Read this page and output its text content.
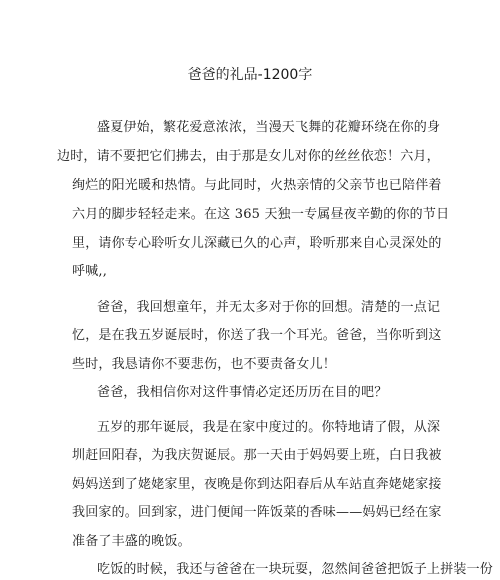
爸爸的礼品-1200字
盛夏伊始，繁花爱意浓浓，当漫天飞舞的花瓣环绕在你的身
边时，请不要把它们拂去，由于那是女儿对你的丝丝依恋！六月，
绚烂的阳光暖和热情。与此同时，火热亲情的父亲节也已陪伴着
六月的脚步轻轻走来。在这 365 天独一专属昼夜辛勤的你的节日
里，请你专心聆听女儿深藏已久的心声，聆听那来自心灵深处的
呼喊,,
爸爸，我回想童年，并无太多对于你的回想。清楚的一点记
忆，是在我五岁诞辰时，你送了我一个耳光。爸爸，当你听到这
些时，我恳请你不要悲伤，也不要责备女儿！
爸爸，我相信你对这件事情必定还历历在目的吧？
五岁的那年诞辰，我是在家中度过的。你特地请了假，从深
圳赶回阳春，为我庆贺诞辰。那一天由于妈妈要上班，白日我被
妈妈送到了姥姥家里，夜晚是你到达阳春后从车站直奔姥姥家接
我回家的。回到家，进门便闻一阵饭菜的香味——妈妈已经在家
准备了丰盛的晚饭。
吃饭的时候，我还与爸爸在一块玩耍，忽然间爸爸把饭子上拼装一份
